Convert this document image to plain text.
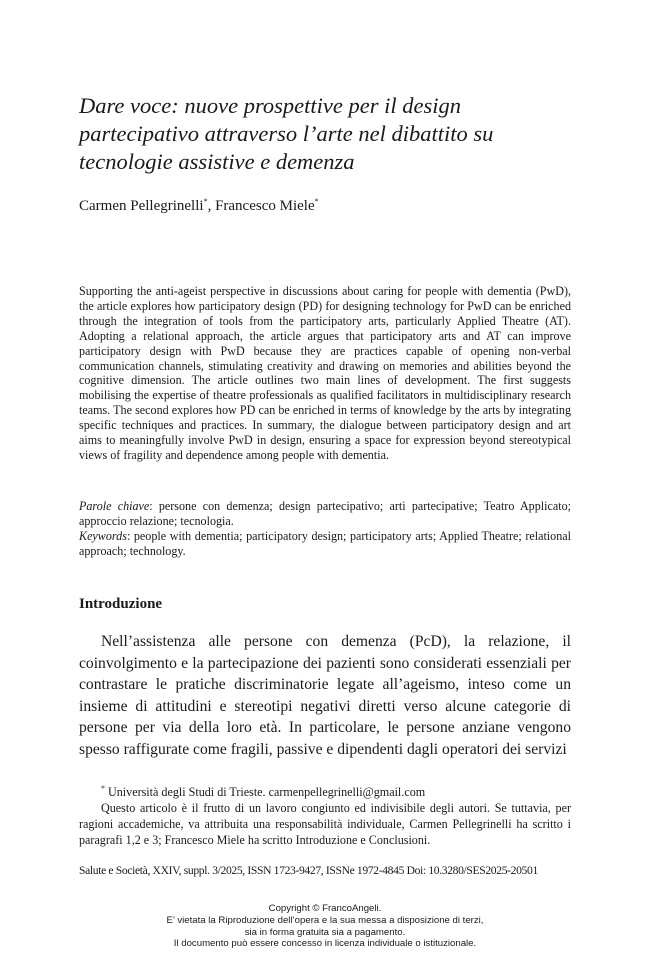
Dare voce: nuove prospettive per il design partecipativo attraverso l’arte nel dibattito su tecnologie assistive e demenza
Carmen Pellegrinelli*, Francesco Miele*

Supporting the anti-ageist perspective in discussions about caring for people with dementia (PwD), the article explores how participatory design (PD) for designing technology for PwD can be enriched through the integration of tools from the participatory arts, particularly Applied Theatre (AT). Adopting a relational approach, the article argues that participatory arts and AT can improve participatory design with PwD because they are practices capable of opening non-verbal communication channels, stimulating creativity and drawing on memories and abilities beyond the cognitive dimension. The article outlines two main lines of development. The first suggests mobilising the expertise of theatre professionals as qualified facilitators in multidisciplinary research teams. The second explores how PD can be enriched in terms of knowledge by the arts by integrating specific techniques and practices. In summary, the dialogue between participatory design and art aims to meaningfully involve PwD in design, ensuring a space for expression beyond stereotypical views of fragility and dependence among people with dementia.

Parole chiave: persone con demenza; design partecipativo; arti partecipative; Teatro Applicato; approccio relazione; tecnologia.

Keywords: people with dementia; participatory design; participatory arts; Applied Theatre; relational approach; technology.

Introduzione

Nell’assistenza alle persone con demenza (PcD), la relazione, il coinvolgimento e la partecipazione dei pazienti sono considerati essenziali per contrastare le pratiche discriminatorie legate all’ageismo, inteso come un insieme di attitudini e stereotipi negativi diretti verso alcune categorie di persone per via della loro età. In particolare, le persone anziane vengono spesso raffigurate come fragili, passive e dipendenti dagli operatori dei servizi

* Università degli Studi di Trieste. carmenpellegrinelli@gmail.com

Questo articolo è il frutto di un lavoro congiunto ed indivisibile degli autori. Se tuttavia, per ragioni accademiche, va attribuita una responsabilità individuale, Carmen Pellegrinelli ha scritto i paragrafi 1,2 e 3; Francesco Miele ha scritto Introduzione e Conclusioni.

Salute e Società, XXIV, suppl. 3/2025, ISSN 1723-9427, ISSNe 1972-4845 Doi: 10.3280/SES2025-20501
Copyright © FrancoAngeli.
E’ vietata la Riproduzione dell’opera e la sua messa a disposizione di terzi,
sia in forma gratuita sia a pagamento.
Il documento può essere concesso in licenza individuale o istituzionale.
